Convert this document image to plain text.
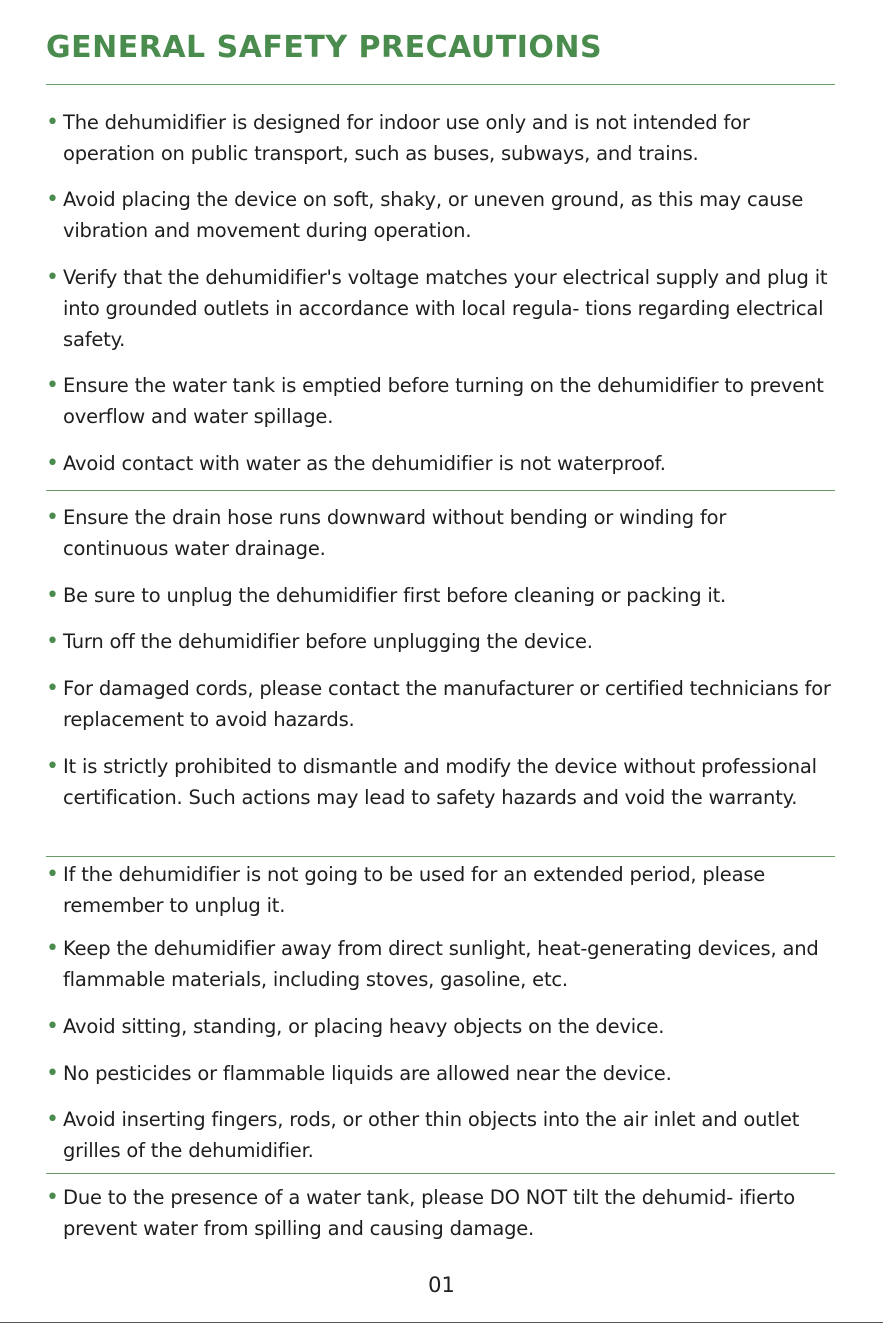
GENERAL SAFETY PRECAUTIONS
• The dehumidifier is designed for indoor use only and is not intended for operation on public transport, such as buses, subways, and trains.
• Avoid placing the device on soft, shaky, or uneven ground, as this may cause vibration and movement during operation.
• Verify that the dehumidifier's voltage matches your electrical supply and plug it into grounded outlets in accordance with local regula- tions regarding electrical safety.
• Ensure the water tank is emptied before turning on the dehumidifier to prevent overflow and water spillage.
• Avoid contact with water as the dehumidifier is not waterproof.
• Ensure the drain hose runs downward without bending or winding for continuous water drainage.
• Be sure to unplug the dehumidifier first before cleaning or packing it.
• Turn off the dehumidifier before unplugging the device.
• For damaged cords, please contact the manufacturer or certified technicians for replacement to avoid hazards.
• It is strictly prohibited to dismantle and modify the device without professional certification. Such actions may lead to safety hazards and void the warranty.
• If the dehumidifier is not going to be used for an extended period, please remember to unplug it.
• Keep the dehumidifier away from direct sunlight, heat-generating devices, and flammable materials, including stoves, gasoline, etc.
• Avoid sitting, standing, or placing heavy objects on the device.
• No pesticides or flammable liquids are allowed near the device.
• Avoid inserting fingers, rods, or other thin objects into the air inlet and outlet grilles of the dehumidifier.
• Due to the presence of a water tank, please DO NOT tilt the dehumid- ifierto prevent water from spilling and causing damage.
01
